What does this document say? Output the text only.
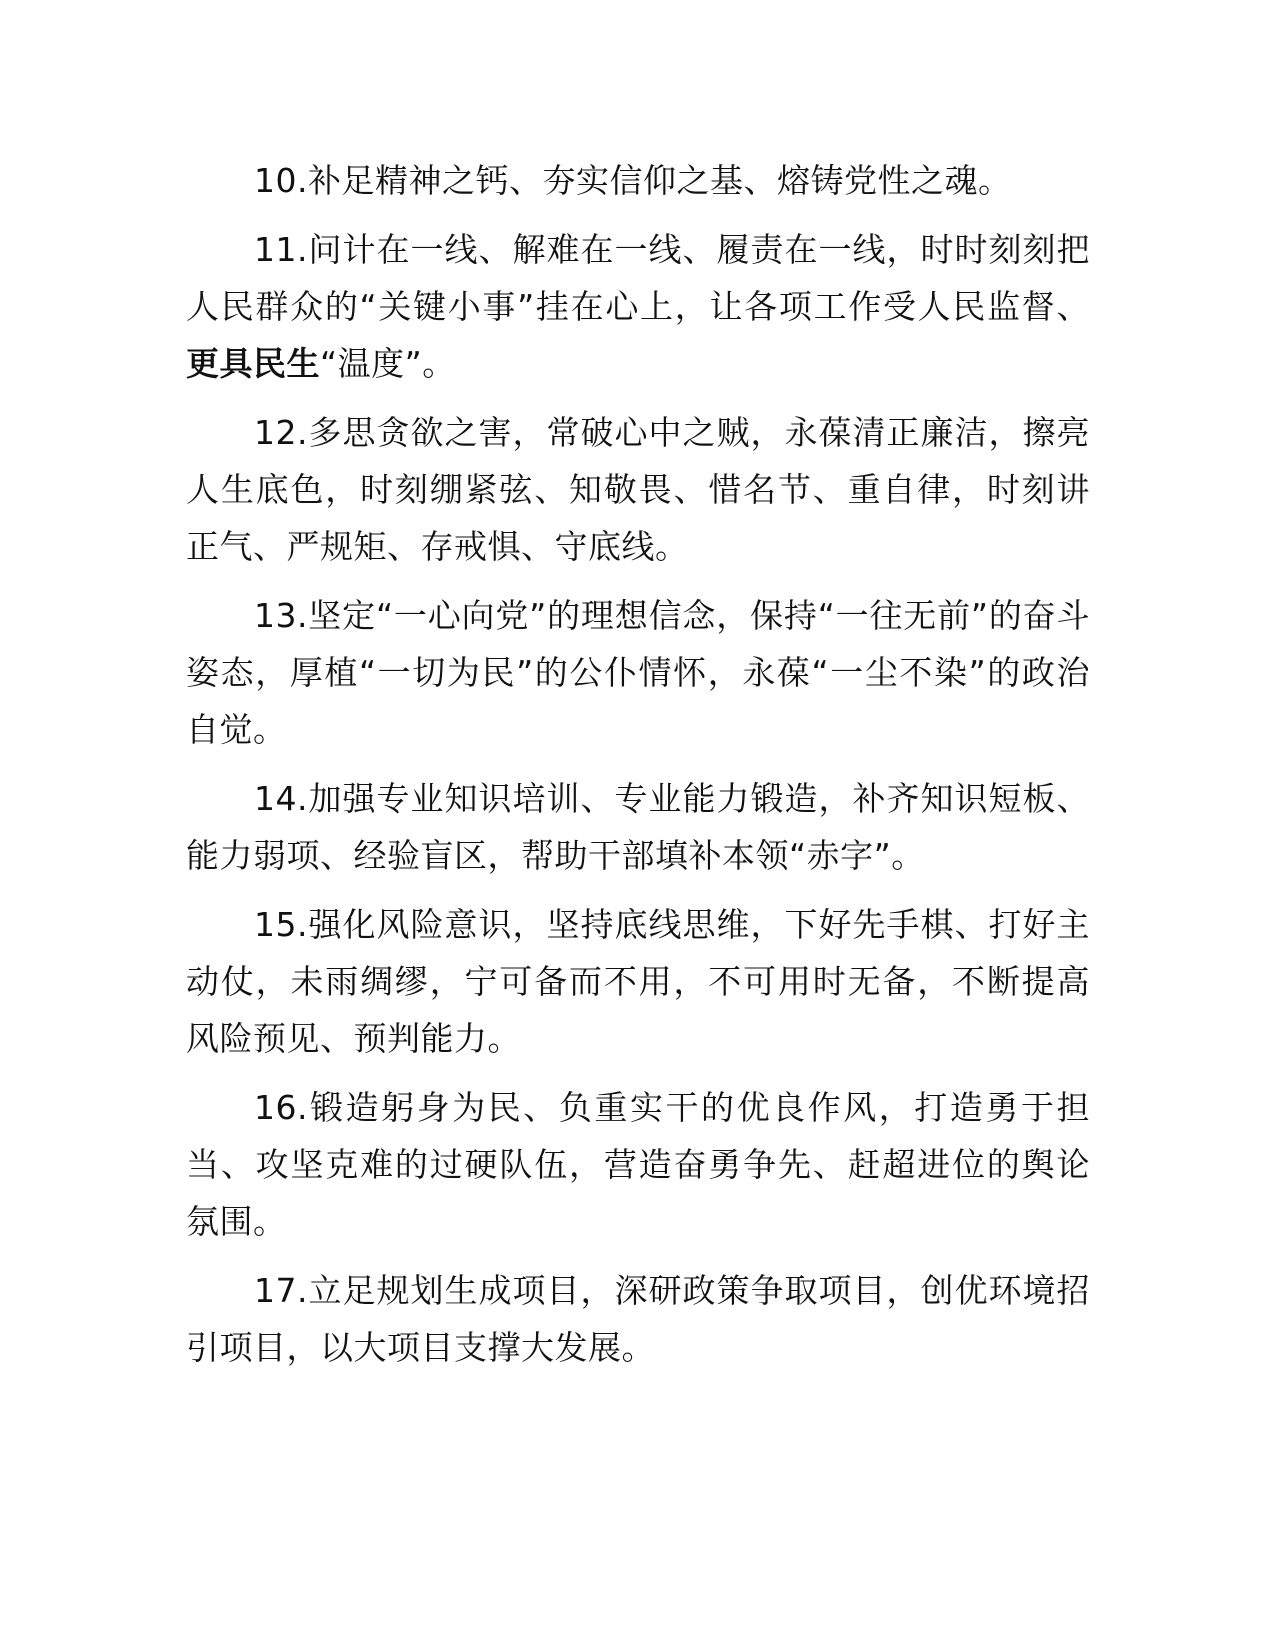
10.补足精神之钙、夯实信仰之基、熔铸党性之魂。

11.问计在一线、解难在一线、履责在一线，时时刻刻把人民群众的“关键小事”挂在心上，让各项工作受人民监督、更具民生“温度”。

12.多思贪欲之害，常破心中之贼，永葆清正廉洁，擦亮人生底色，时刻绷紧弦、知敬畏、惜名节、重自律，时刻讲正气、严规矩、存戒惧、守底线。

13.坚定“一心向党”的理想信念，保持“一往无前”的奋斗姿态，厚植“一切为民”的公仆情怀，永葆“一尘不染”的政治自觉。

14.加强专业知识培训、专业能力锻造，补齐知识短板、能力弱项、经验盲区，帮助干部填补本领“赤字”。

15.强化风险意识，坚持底线思维，下好先手棋、打好主动仗，未雨绸缪，宁可备而不用，不可用时无备，不断提高风险预见、预判能力。

16.锻造躬身为民、负重实干的优良作风，打造勇于担当、攻坚克难的过硬队伍，营造奋勇争先、赶超进位的舆论氛围。

17.立足规划生成项目，深研政策争取项目，创优环境招引项目，以大项目支撑大发展。
